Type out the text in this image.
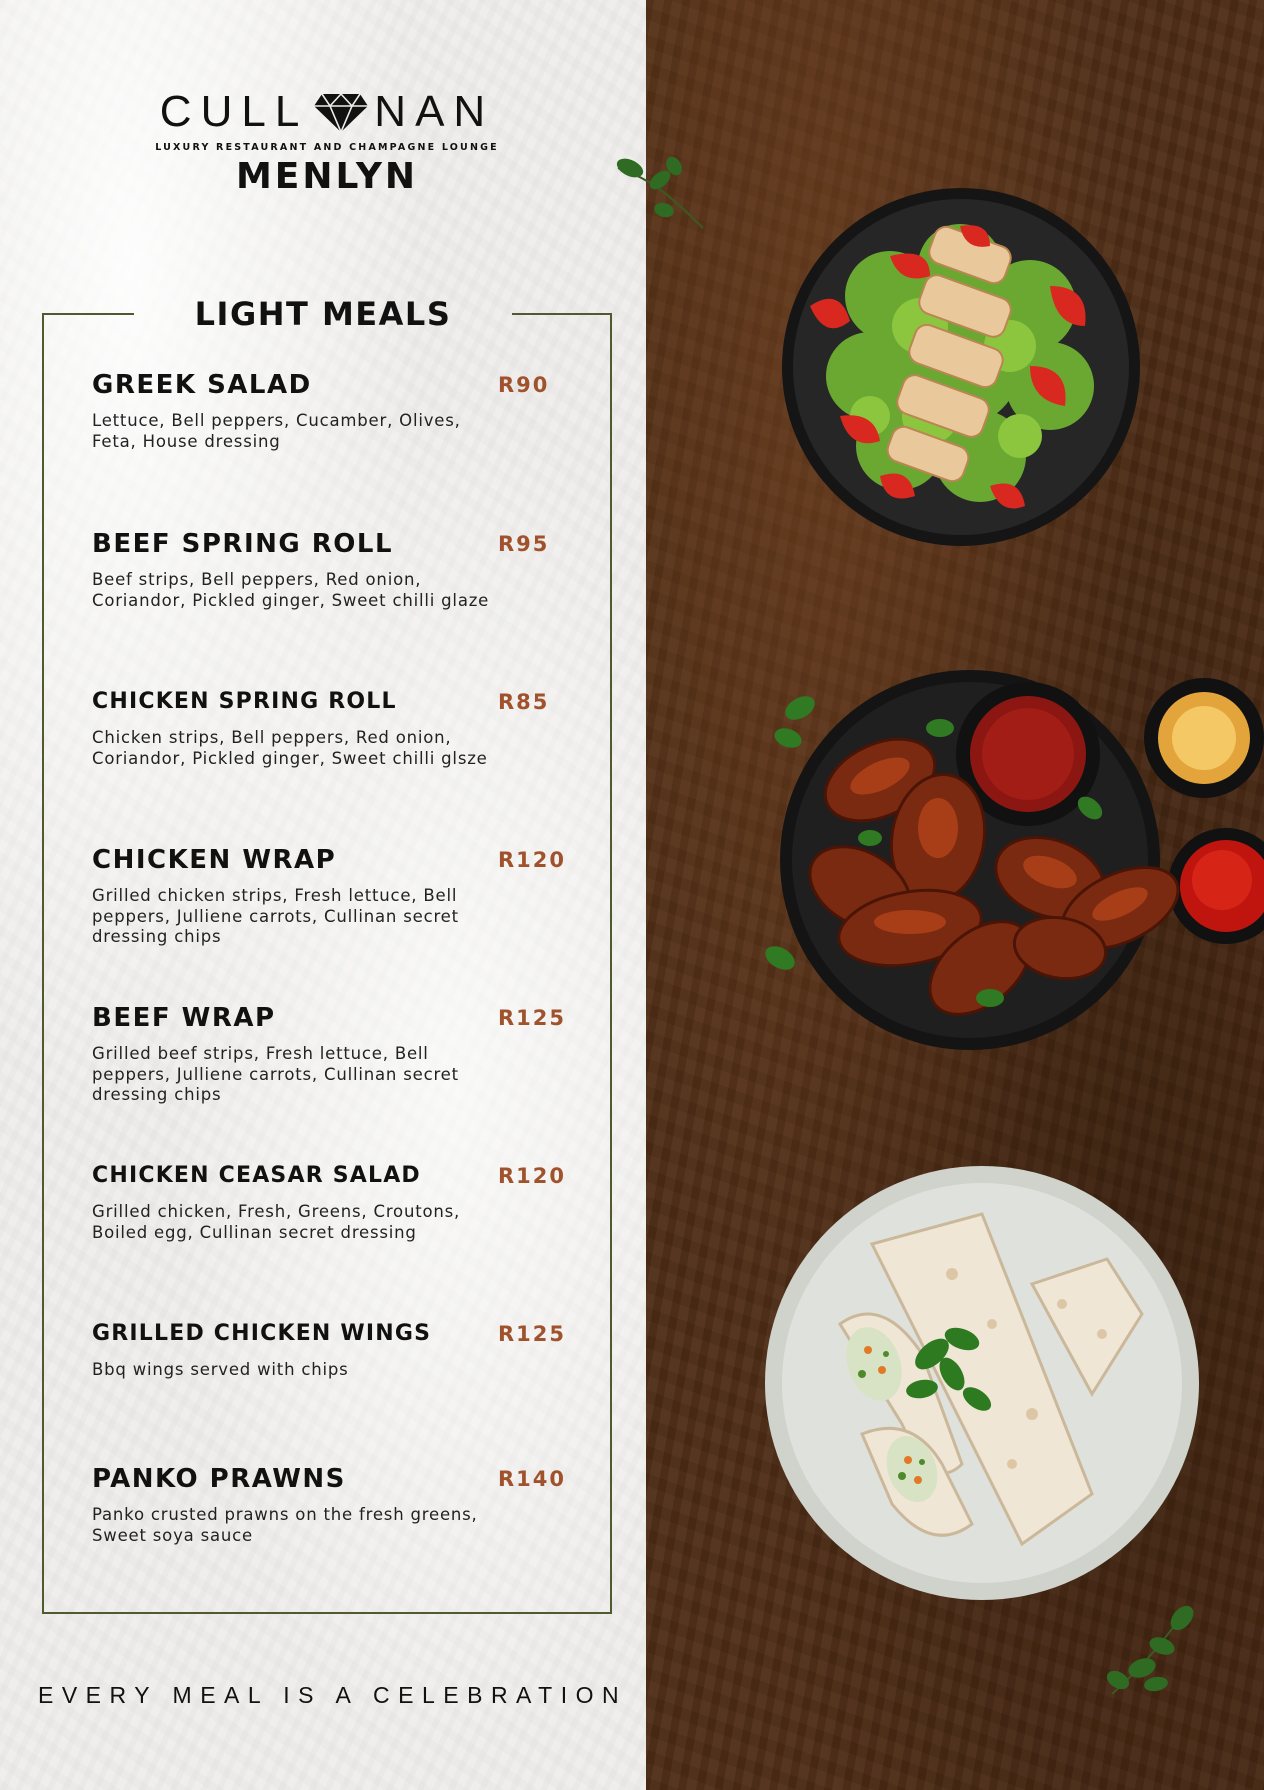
CULL NAN
LUXURY RESTAURANT AND CHAMPAGNE LOUNGE
MENLYN
LIGHT MEALS
GREEK SALAD	R90
Lettuce, Bell peppers, Cucamber, Olives, Feta, House dressing
BEEF SPRING ROLL	R95
Beef strips, Bell peppers, Red onion, Coriandor, Pickled ginger, Sweet chilli glaze
CHICKEN SPRING ROLL	R85
Chicken strips, Bell peppers, Red onion, Coriandor, Pickled ginger, Sweet chilli glsze
CHICKEN WRAP	R120
Grilled chicken strips, Fresh lettuce, Bell peppers, Julliene carrots, Cullinan secret dressing chips
BEEF WRAP	R125
Grilled beef strips, Fresh lettuce, Bell peppers, Julliene carrots, Cullinan secret dressing chips
CHICKEN CEASAR SALAD	R120
Grilled chicken, Fresh, Greens, Croutons, Boiled egg, Cullinan secret dressing
GRILLED CHICKEN WINGS	R125
Bbq wings served with chips
PANKO PRAWNS	R140
Panko crusted prawns on the fresh greens, Sweet soya sauce
EVERY MEAL IS A CELEBRATION
